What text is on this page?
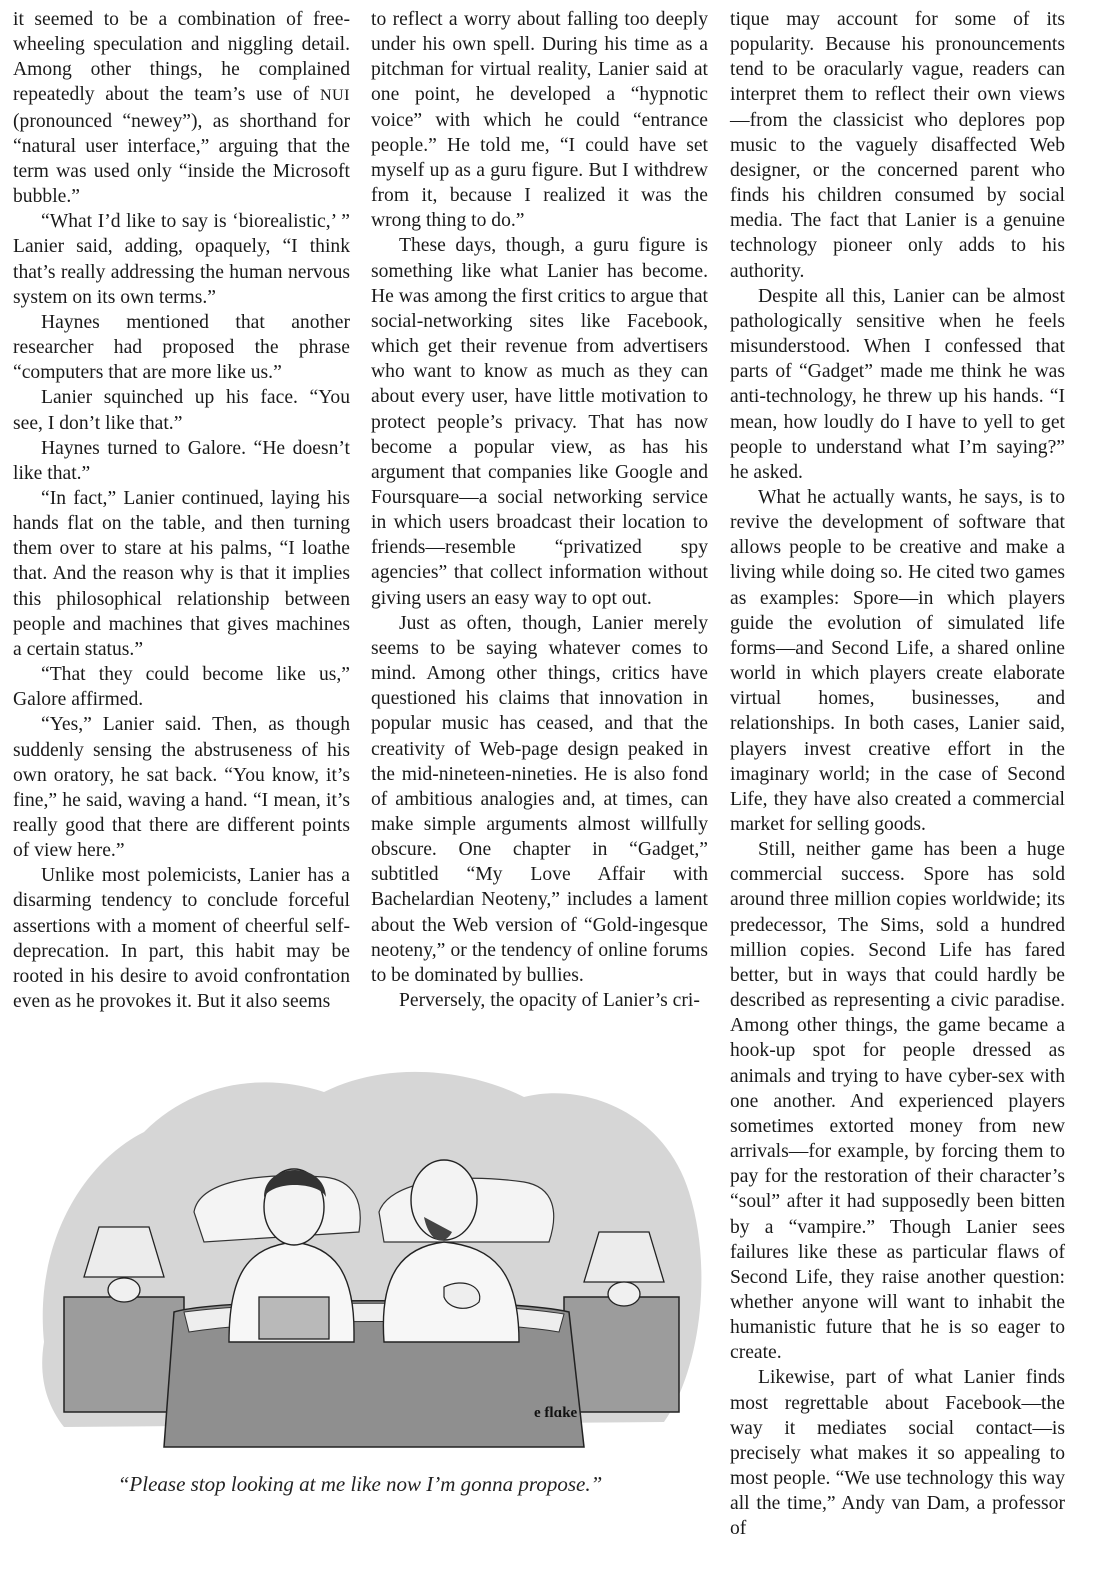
it seemed to be a combination of free-wheeling speculation and niggling detail. Among other things, he complained repeatedly about the team’s use of NUI (pronounced “newey”), as shorthand for “natural user interface,” arguing that the term was used only “inside the Microsoft bubble.”

“What I’d like to say is ‘biorealistic,’ ” Lanier said, adding, opaquely, “I think that’s really addressing the human nervous system on its own terms.”

Haynes mentioned that another researcher had proposed the phrase “computers that are more like us.”

Lanier squinched up his face. “You see, I don’t like that.”

Haynes turned to Galore. “He doesn’t like that.”

“In fact,” Lanier continued, laying his hands flat on the table, and then turning them over to stare at his palms, “I loathe that. And the reason why is that it implies this philosophical relationship between people and machines that gives machines a certain status.”

“That they could become like us,” Galore affirmed.

“Yes,” Lanier said. Then, as though suddenly sensing the abstruseness of his own oratory, he sat back. “You know, it’s fine,” he said, waving a hand. “I mean, it’s really good that there are different points of view here.”

Unlike most polemicists, Lanier has a disarming tendency to conclude forceful assertions with a moment of cheerful self-deprecation. In part, this habit may be rooted in his desire to avoid confrontation even as he provokes it. But it also seems

to reflect a worry about falling too deeply under his own spell. During his time as a pitchman for virtual reality, Lanier said at one point, he developed a “hypnotic voice” with which he could “entrance people.” He told me, “I could have set myself up as a guru figure. But I withdrew from it, because I realized it was the wrong thing to do.”

These days, though, a guru figure is something like what Lanier has become. He was among the first critics to argue that social-networking sites like Facebook, which get their revenue from advertisers who want to know as much as they can about every user, have little motivation to protect people’s privacy. That has now become a popular view, as has his argument that companies like Google and Foursquare—a social networking service in which users broadcast their location to friends—resemble “privatized spy agencies” that collect information without giving users an easy way to opt out.

Just as often, though, Lanier merely seems to be saying whatever comes to mind. Among other things, critics have questioned his claims that innovation in popular music has ceased, and that the creativity of Web-page design peaked in the mid-nineteen-nineties. He is also fond of ambitious analogies and, at times, can make simple arguments almost willfully obscure. One chapter in “Gadget,” subtitled “My Love Affair with Bachelardian Neoteny,” includes a lament about the Web version of “Gold-ingesque neoteny,” or the tendency of online forums to be dominated by bullies.

Perversely, the opacity of Lanier’s cri-

tique may account for some of its popularity. Because his pronouncements tend to be oracularly vague, readers can interpret them to reflect their own views—from the classicist who deplores pop music to the vaguely disaffected Web designer, or the concerned parent who finds his children consumed by social media. The fact that Lanier is a genuine technology pioneer only adds to his authority.

Despite all this, Lanier can be almost pathologically sensitive when he feels misunderstood. When I confessed that parts of “Gadget” made me think he was anti-technology, he threw up his hands. “I mean, how loudly do I have to yell to get people to understand what I’m saying?” he asked.

What he actually wants, he says, is to revive the development of software that allows people to be creative and make a living while doing so. He cited two games as examples: Spore—in which players guide the evolution of simulated life forms—and Second Life, a shared online world in which players create elaborate virtual homes, businesses, and relationships. In both cases, Lanier said, players invest creative effort in the imaginary world; in the case of Second Life, they have also created a commercial market for selling goods.

Still, neither game has been a huge commercial success. Spore has sold around three million copies worldwide; its predecessor, The Sims, sold a hundred million copies. Second Life has fared better, but in ways that could hardly be described as representing a civic paradise. Among other things, the game became a hook-up spot for people dressed as animals and trying to have cyber-sex with one another. And experienced players sometimes extorted money from new arrivals—for example, by forcing them to pay for the restoration of their character’s “soul” after it had supposedly been bitten by a “vampire.” Though Lanier sees failures like these as particular flaws of Second Life, they raise another question: whether anyone will want to inhabit the humanistic future that he is so eager to create.

Likewise, part of what Lanier finds most regrettable about Facebook—the way it mediates social contact—is precisely what makes it so appealing to most people. “We use technology this way all the time,” Andy van Dam, a professor of

e flɑke
“Please stop looking at me like now I’m gonna propose.”
